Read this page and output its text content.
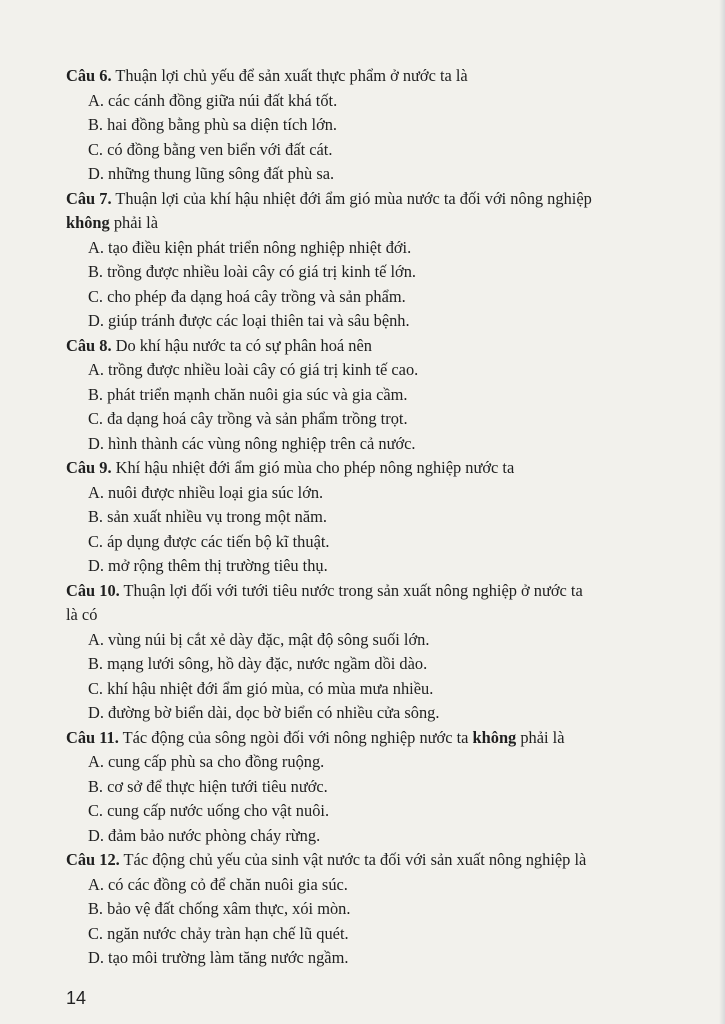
Câu 6. Thuận lợi chủ yếu để sản xuất thực phẩm ở nước ta là

A. các cánh đồng giữa núi đất khá tốt.

B. hai đồng bằng phù sa diện tích lớn.

C. có đồng bằng ven biển với đất cát.

D. những thung lũng sông đất phù sa.

Câu 7. Thuận lợi của khí hậu nhiệt đới ẩm gió mùa nước ta đối với nông nghiệp

không phải là

A. tạo điều kiện phát triển nông nghiệp nhiệt đới.

B. trồng được nhiều loài cây có giá trị kinh tế lớn.

C. cho phép đa dạng hoá cây trồng và sản phẩm.

D. giúp tránh được các loại thiên tai và sâu bệnh.

Câu 8. Do khí hậu nước ta có sự phân hoá nên

A. trồng được nhiều loài cây có giá trị kinh tế cao.

B. phát triển mạnh chăn nuôi gia súc và gia cầm.

C. đa dạng hoá cây trồng và sản phẩm trồng trọt.

D. hình thành các vùng nông nghiệp trên cả nước.

Câu 9. Khí hậu nhiệt đới ẩm gió mùa cho phép nông nghiệp nước ta

A. nuôi được nhiều loại gia súc lớn.

B. sản xuất nhiều vụ trong một năm.

C. áp dụng được các tiến bộ kĩ thuật.

D. mở rộng thêm thị trường tiêu thụ.

Câu 10. Thuận lợi đối với tưới tiêu nước trong sản xuất nông nghiệp ở nước ta

là có

A. vùng núi bị cắt xẻ dày đặc, mật độ sông suối lớn.

B. mạng lưới sông, hồ dày đặc, nước ngầm dồi dào.

C. khí hậu nhiệt đới ẩm gió mùa, có mùa mưa nhiều.

D. đường bờ biển dài, dọc bờ biển có nhiều cửa sông.

Câu 11. Tác động của sông ngòi đối với nông nghiệp nước ta không phải là

A. cung cấp phù sa cho đồng ruộng.

B. cơ sở để thực hiện tưới tiêu nước.

C. cung cấp nước uống cho vật nuôi.

D. đảm bảo nước phòng cháy rừng.

Câu 12. Tác động chủ yếu của sinh vật nước ta đối với sản xuất nông nghiệp là

A. có các đồng cỏ để chăn nuôi gia súc.

B. bảo vệ đất chống xâm thực, xói mòn.

C. ngăn nước chảy tràn hạn chế lũ quét.

D. tạo môi trường làm tăng nước ngầm.

14
